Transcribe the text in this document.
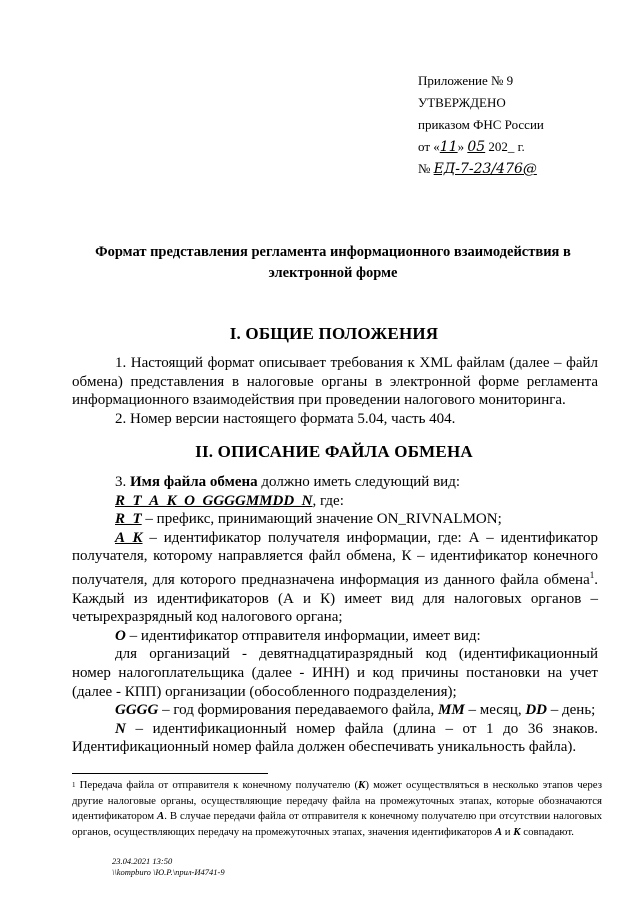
Приложение № 9
УТВЕРЖДЕНО
приказом ФНС России
от «11» 05 202_ г.
№ ЕД-7-23/476@
Формат представления регламента информационного взаимодействия в электронной форме
I. ОБЩИЕ ПОЛОЖЕНИЯ

1. Настоящий формат описывает требования к XML файлам (далее – файл обмена) представления в налоговые органы в электронной форме регламента информационного взаимодействия при проведении налогового мониторинга.

2. Номер версии настоящего формата 5.04, часть 404.

II. ОПИСАНИЕ ФАЙЛА ОБМЕНА

3. Имя файла обмена должно иметь следующий вид:

R_T_A_K_O_GGGGMMDD_N, где:

R_T – префикс, принимающий значение ON_RIVNALMON;

A_K – идентификатор получателя информации, где: А – идентификатор получателя, которому направляется файл обмена, К – идентификатор конечного получателя, для которого предназначена информация из данного файла обмена$^1$. Каждый из идентификаторов (А и К) имеет вид для налоговых органов – четырехразрядный код налогового органа;

O – идентификатор отправителя информации, имеет вид:

для организаций - девятнадцатиразрядный код (идентификационный номер налогоплательщика (далее - ИНН) и код причины постановки на учет (далее - КПП) организации (обособленного подразделения);

GGGG – год формирования передаваемого файла, MM – месяц, DD – день;

N – идентификационный номер файла (длина – от 1 до 36 знаков. Идентификационный номер файла должен обеспечивать уникальность файла).

$^1$ Передача файла от отправителя к конечному получателю (К) может осуществляться в несколько этапов через другие налоговые органы, осуществляющие передачу файла на промежуточных этапах, которые обозначаются идентификатором А. В случае передачи файла от отправителя к конечному получателю при отсутствии налоговых органов, осуществляющих передачу на промежуточных этапах, значения идентификаторов А и К совпадают.
23.04.2021 13:50
\\kompburo \Ю.Р.\прил-И4741-9
